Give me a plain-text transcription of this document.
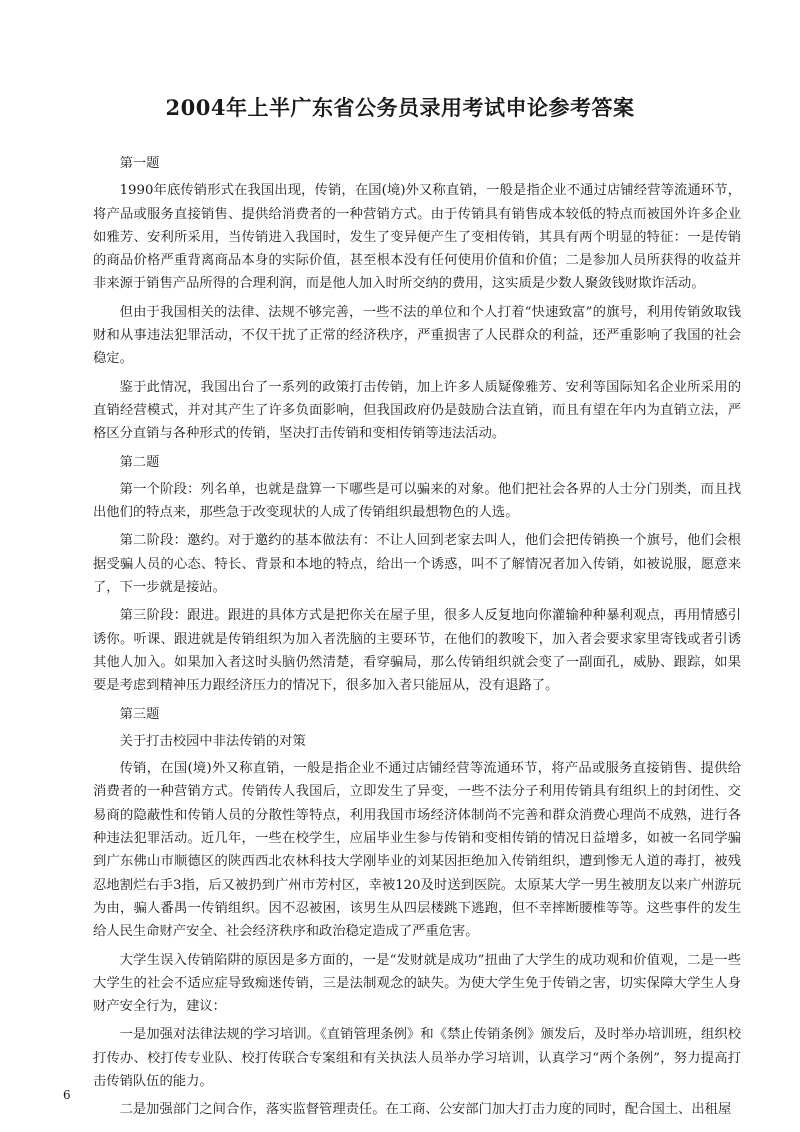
2004年上半广东省公务员录用考试申论参考答案

第一题

1990年底传销形式在我国出现，传销，在国(境)外又称直销，一般是指企业不通过店铺经营等流通环节，将产品或服务直接销售、提供给消费者的一种营销方式。由于传销具有销售成本较低的特点而被国外许多企业如雅芳、安利所采用，当传销进入我国时，发生了变异便产生了变相传销，其具有两个明显的特征：一是传销的商品价格严重背离商品本身的实际价值，甚至根本没有任何使用价值和价值；二是参加人员所获得的收益并非来源于销售产品所得的合理利润，而是他人加入时所交纳的费用，这实质是少数人聚敛钱财欺诈活动。

但由于我国相关的法律、法规不够完善，一些不法的单位和个人打着“快速致富”的旗号，利用传销敛取钱财和从事违法犯罪活动，不仅干扰了正常的经济秩序，严重损害了人民群众的利益，还严重影响了我国的社会稳定。

鉴于此情况，我国出台了一系列的政策打击传销，加上许多人质疑像雅芳、安利等国际知名企业所采用的直销经营模式，并对其产生了许多负面影响，但我国政府仍是鼓励合法直销，而且有望在年内为直销立法，严格区分直销与各种形式的传销，坚决打击传销和变相传销等违法活动。

第二题

第一个阶段：列名单，也就是盘算一下哪些是可以骗来的对象。他们把社会各界的人士分门别类，而且找出他们的特点来，那些急于改变现状的人成了传销组织最想物色的人选。

第二阶段：邀约。对于邀约的基本做法有：不让人回到老家去叫人，他们会把传销换一个旗号，他们会根据受骗人员的心态、特长、背景和本地的特点，给出一个诱惑，叫不了解情况者加入传销，如被说服，愿意来了，下一步就是接站。

第三阶段：跟进。跟进的具体方式是把你关在屋子里，很多人反复地向你灌输种种暴利观点，再用情感引诱你。听课、跟进就是传销组织为加入者洗脑的主要环节，在他们的教唆下，加入者会要求家里寄钱或者引诱其他人加入。如果加入者这时头脑仍然清楚，看穿骗局，那么传销组织就会变了一副面孔，威胁、跟踪，如果要是考虑到精神压力跟经济压力的情况下，很多加入者只能屈从，没有退路了。

第三题

关于打击校园中非法传销的对策

传销，在国(境)外又称直销，一般是指企业不通过店铺经营等流通环节，将产品或服务直接销售、提供给消费者的一种营销方式。传销传人我国后，立即发生了异变，一些不法分子利用传销具有组织上的封闭性、交易商的隐蔽性和传销人员的分散性等特点，利用我国市场经济体制尚不完善和群众消费心理尚不成熟，进行各种违法犯罪活动。近几年，一些在校学生，应届毕业生参与传销和变相传销的情况日益增多，如被一名同学骗到广东佛山市顺德区的陕西西北农林科技大学刚毕业的刘某因拒绝加入传销组织，遭到惨无人道的毒打，被残忍地割烂右手3指，后又被扔到广州市芳村区，幸被120及时送到医院。太原某大学一男生被朋友以来广州游玩为由，骗人番禺一传销组织。因不忍被困，该男生从四层楼跳下逃跑，但不幸摔断腰椎等等。这些事件的发生给人民生命财产安全、社会经济秩序和政治稳定造成了严重危害。

大学生误入传销陷阱的原因是多方面的，一是“发财就是成功”扭曲了大学生的成功观和价值观，二是一些大学生的社会不适应症导致痴迷传销，三是法制观念的缺失。为使大学生免于传销之害，切实保障大学生人身财产安全行为，建议：

一是加强对法律法规的学习培训。《直销管理条例》和《禁止传销条例》颁发后，及时举办培训班，组织校打传办、校打传专业队、校打传联合专案组和有关执法人员举办学习培训，认真学习“两个条例”，努力提高打击传销队伍的能力。

二是加强部门之间合作，落实监督管理责任。在工商、公安部门加大打击力度的同时，配合国土、出租屋

6
